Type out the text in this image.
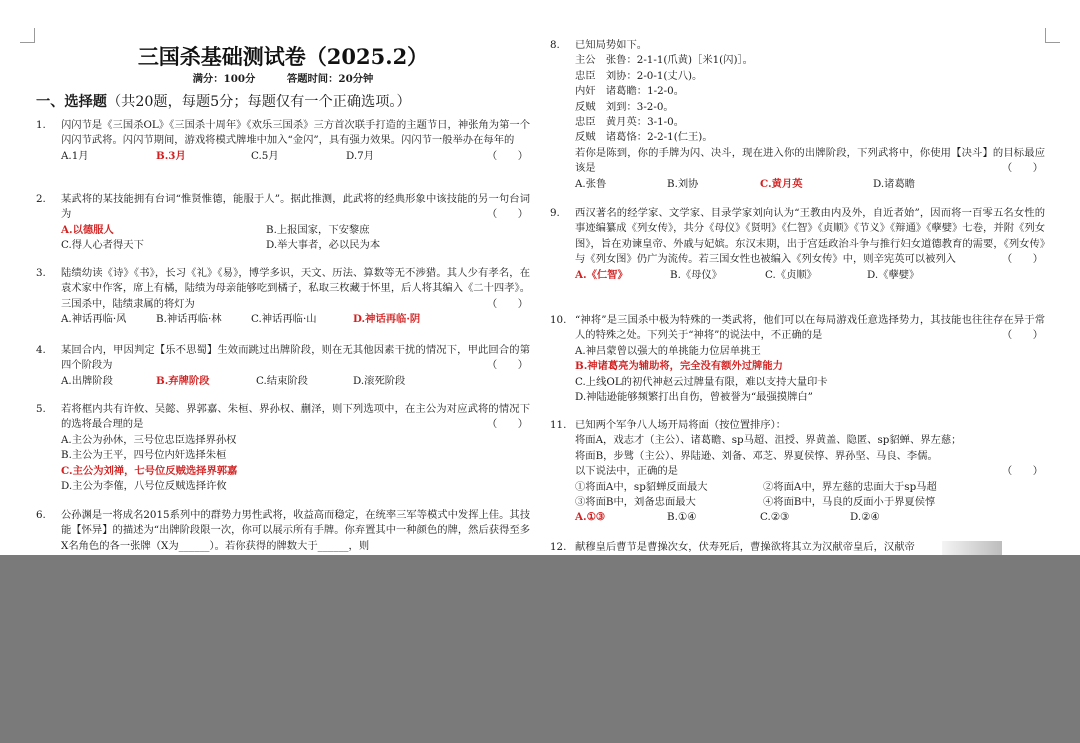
三国杀基础测试卷（2025.2）
满分：100分	答题时间：20分钟
一、选择题（共20题，每题5分；每题仅有一个正确选项。）
1. 闪闪节是《三国杀OL》《三国杀十周年》《欢乐三国杀》三方首次联手打造的主题节日，神张角为第一个闪闪节武将。闪闪节期间，游戏将模式牌堆中加入“金闪”，具有强力效果。闪闪节一般举办在每年的
（　　）
A.1月	B.3月	C.5月	D.7月
2. 某武将的某技能拥有台词“惟贤惟德，能服于人”。据此推测，此武将的经典形象中该技能的另一句台词为	（　　）
A.以德服人	B.上报国家，下安黎庶
C.得人心者得天下	D.举大事者，必以民为本
3. 陆绩幼读《诗》《书》，长习《礼》《易》，博学多识，天文、历法、算数等无不涉猎。其人少有孝名，在袁术家中作客，席上有橘，陆绩为母亲能够吃到橘子，私取三枚藏于怀里，后人将其编入《二十四孝》。三国杀中，陆绩隶属的将灯为	（　　）
A.神话再临·风	B.神话再临·林	C.神话再临·山	D.神话再临·阴
4. 某回合内，甲因判定【乐不思蜀】生效而跳过出牌阶段，则在无其他因素干扰的情况下，甲此回合的第四个阶段为	（　　）
A.出牌阶段	B.弃牌阶段	C.结束阶段	D.滚死阶段
5. 若将框内共有许攸、吴懿、界郭嘉、朱桓、界孙权、蒯泽，则下列选项中，在主公为对应武将的情况下的选将最合理的是	（　　）
A.主公为孙休，三号位忠臣选择界孙权
B.主公为王平，四号位内奸选择朱桓
C.主公为刘禅，七号位反贼选择界郭嘉
D.主公为李傕，八号位反贼选择许攸
6. 公孙渊是一将成名2015系列中的群势力男性武将，收益高而稳定，在统率三军等模式中发挥上佳。其技能【怀异】的描述为“出牌阶段限一次，你可以展示所有手牌。你弃置其中一种颜色的牌，然后获得至多X名角色的各一张牌（X为______）。若你获得的牌数大于______，则
8. 已知局势如下。
主公　张鲁：2-1-1(爪黄)［米1(闪)］。
忠臣　刘协：2-0-1(丈八)。
内奸　诸葛瞻：1-2-0。
反贼　刘到：3-2-0。
忠臣　黄月英：3-1-0。
反贼　诸葛恪：2-2-1(仁王)。
若你是陈到，你的手牌为闪、决斗，现在进入你的出牌阶段，下列武将中，你使用【决斗】的目标最应该是	（　　）
A.张鲁	B.刘协	C.黄月英	D.诸葛瞻
9. 西汉著名的经学家、文学家、目录学家刘向认为“王教由内及外，自近者始”，因而将一百零五名女性的事迹编纂成《列女传》，共分《母仪》《贤明》《仁智》《贞顺》《节义》《辩通》《孽嬖》七卷，并附《列女图》，旨在劝谏皇帝、外戚与妃嫔。东汉末期，出于宫廷政治斗争与推行妇女道德教育的需要，《列女传》与《列女图》仍广为流传。若三国女性也被编入《列女传》中，则辛宪英可以被列入	（　　）
A.《仁智》	B.《母仪》	C.《贞顺》	D.《孽嬖》
10. “神将”是三国杀中极为特殊的一类武将，他们可以在每局游戏任意选择势力，其技能也往往存在异于常人的特殊之处。下列关于“神将”的说法中，不正确的是	（　　）
A.神吕蒙曾以强大的单挑能力位居单挑王
B.神诸葛亮为辅助将，完全没有额外过牌能力
C.上线OL的初代神赵云过牌量有限，难以支持大量印卡
D.神陆逊能够频繁打出自伤，曾被誉为“最强摸牌白”
11. 已知两个军争八人场开局将面（按位置排序）：
将面A，戏志才（主公）、诸葛瞻、sp马超、沮授、界黄盖、隐匿、sp貂蝉、界左慈；
将面B，步骘（主公）、界陆逊、刘备、邓芝、界夏侯惇、界孙坚、马良、李儒。
以下说法中，正确的是	（　　）
①将面A中，sp貂蝉反面最大	②将面A中，界左慈的忠面大于sp马超
③将面B中，刘备忠面最大	④将面B中，马良的反面小于界夏侯惇
A.①③	B.①④	C.②③	D.②④
12. 献穆皇后曹节是曹操次女，伏寿死后，曹操欲将其立为汉献帝皇后，汉献帝
